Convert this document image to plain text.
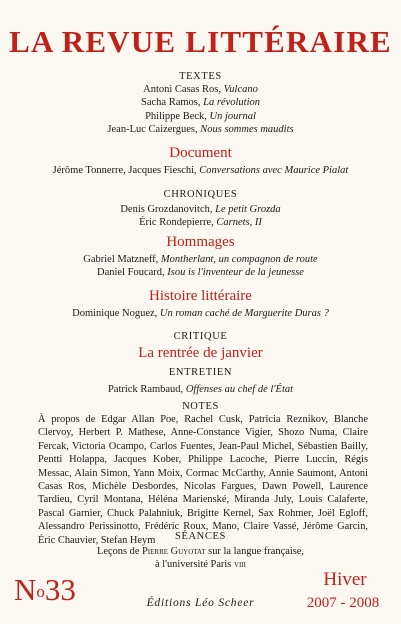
LA REVUE LITTÉRAIRE
TEXTES
Antoni Casas Ros, Vulcano
Sacha Ramos, La révolution
Philippe Beck, Un journal
Jean-Luc Caizergues, Nous sommes maudits
Document
Jérôme Tonnerre, Jacques Fieschi, Conversations avec Maurice Pialat
CHRONIQUES
Denis Grozdanovitch, Le petit Grozda
Éric Rondepierre, Carnets, II
Hommages
Gabriel Matzneff, Montherlant, un compagnon de route
Daniel Foucard, Isou is l'inventeur de la jeunesse
Histoire littéraire
Dominique Noguez, Un roman caché de Marguerite Duras ?
CRITIQUE
La rentrée de janvier
ENTRETIEN
Patrick Rambaud, Offenses au chef de l'État
NOTES
À propos de Edgar Allan Poe, Rachel Cusk, Patricia Reznikov, Blanche Clervoy, Herbert P. Mathese, Anne-Constance Vigier, Shozo Numa, Claire Fercak, Victoria Ocampo, Carlos Fuentes, Jean-Paul Michel, Sébastien Bailly, Pentti Holappa, Jacques Kober, Philippe Lacoche, Pierre Luccin, Régis Messac, Alain Simon, Yann Moix, Cormac McCarthy, Annie Saumont, Antoni Casas Ros, Michèle Desbordes, Nicolas Fargues, Dawn Powell, Laurence Tardieu, Cyril Montana, Héléna Marienské, Miranda July, Louis Calaferte, Pascal Garnier, Chuck Palahniuk, Brigitte Kernel, Sax Rohmer, Joël Egloff, Alessandro Perissinotto, Frédéric Roux, Mano, Claire Vassé, Jérôme Garcin, Éric Chauvier, Stefan Heym	SÉANCES
Leçons de Pierre Guyotat sur la langue française,
à l'université Paris viii
$N^o33$	Éditions Léo Scheer
Hiver
2007 - 2008
